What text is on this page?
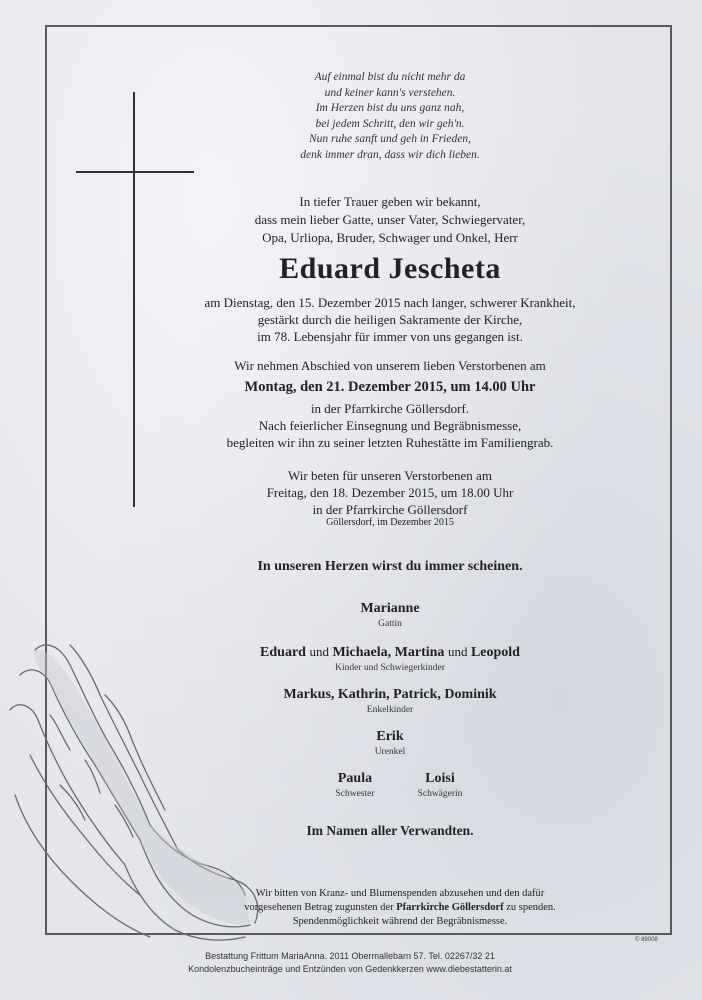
Auf einmal bist du nicht mehr da
und keiner kann's verstehen.
Im Herzen bist du uns ganz nah,
bei jedem Schritt, den wir geh'n.
Nun ruhe sanft und geh in Frieden,
denk immer dran, dass wir dich lieben.
In tiefer Trauer geben wir bekannt,
dass mein lieber Gatte, unser Vater, Schwiegervater,
Opa, Urliopa, Bruder, Schwager und Onkel, Herr
Eduard Jescheta
am Dienstag, den 15. Dezember 2015 nach langer, schwerer Krankheit,
gestärkt durch die heiligen Sakramente der Kirche,
im 78. Lebensjahr für immer von uns gegangen ist.
Wir nehmen Abschied von unserem lieben Verstorbenen am
Montag, den 21. Dezember 2015, um 14.00 Uhr
in der Pfarrkirche Göllersdorf.
Nach feierlicher Einsegnung und Begräbnismesse,
begleiten wir ihn zu seiner letzten Ruhestätte im Familiengrab.
Wir beten für unseren Verstorbenen am
Freitag, den 18. Dezember 2015, um 18.00 Uhr
in der Pfarrkirche Göllersdorf
Göllersdorf, im Dezember 2015
In unseren Herzen wirst du immer scheinen.
Marianne
Gattin
Eduard und Michaela, Martina und Leopold
Kinder und Schwiegerkinder
Markus, Kathrin, Patrick, Dominik
Enkelkinder
Erik
Urenkel
Paula
Schwester
Loisi
Schwägerin
Im Namen aller Verwandten.
Wir bitten von Kranz- und Blumenspenden abzusehen und den dafür
vorgesehenen Betrag zugunsten der Pfarrkirche Göllersdorf zu spenden.
Spendenmöglichkeit während der Begräbnismesse.
© 89008
Bestattung Frittum MariaAnna. 2011 Obermallebarn 57. Tel. 02267/32 21
Kondolenzbucheinträge und Entzünden von Gedenkkerzen www.diebestatterin.at
